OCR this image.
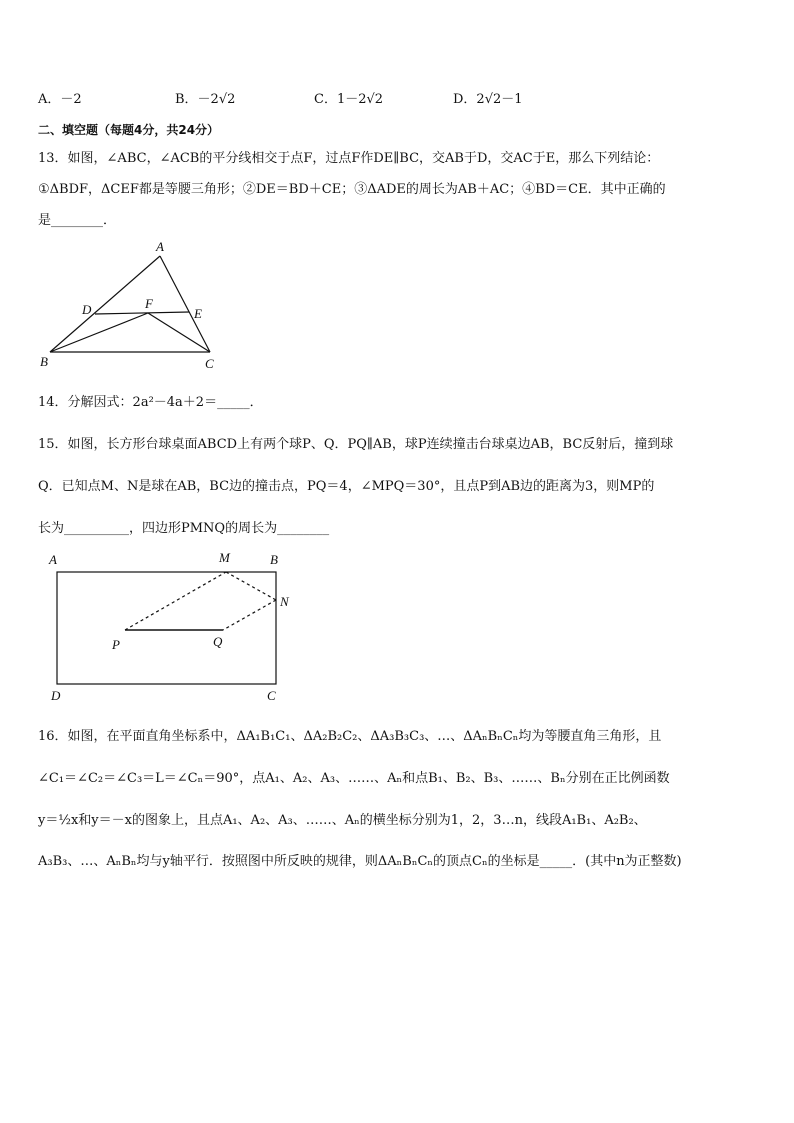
A．－2	B．－2√2	C．1－2√2	D．2√2－1
二、填空题（每题4分，共24分）
13．如图，∠ABC，∠ACB的平分线相交于点F，过点F作DE∥BC，交AB于D，交AC于E，那么下列结论：
①ΔBDF，ΔCEF都是等腰三角形；②DE＝BD＋CE；③ΔADE的周长为AB＋AC；④BD＝CE．其中正确的
是________．
A
D	F
E
B	C
14．分解因式：2a²－4a＋2＝_____．
15．如图，长方形台球桌面ABCD上有两个球P、Q．PQ∥AB，球P连续撞击台球桌边AB，BC反射后，撞到球
Q．已知点M、N是球在AB，BC边的撞击点，PQ＝4，∠MPQ＝30°，且点P到AB边的距离为3，则MP的
长为__________，四边形PMNQ的周长为________
A	M	B
N
P	Q
D	C
16．如图，在平面直角坐标系中，ΔA₁B₁C₁、ΔA₂B₂C₂、ΔA₃B₃C₃、…、ΔAₙBₙCₙ均为等腰直角三角形，且
∠C₁＝∠C₂＝∠C₃＝L＝∠Cₙ＝90°，点A₁、A₂、A₃、……、Aₙ和点B₁、B₂、B₃、……、Bₙ分别在正比例函数
y＝½x和y＝－x的图象上，且点A₁、A₂、A₃、……、Aₙ的横坐标分别为1，2，3…n，线段A₁B₁、A₂B₂、
A₃B₃、…、AₙBₙ均与y轴平行．按照图中所反映的规律，则ΔAₙBₙCₙ的顶点Cₙ的坐标是_____．(其中n为正整数)
